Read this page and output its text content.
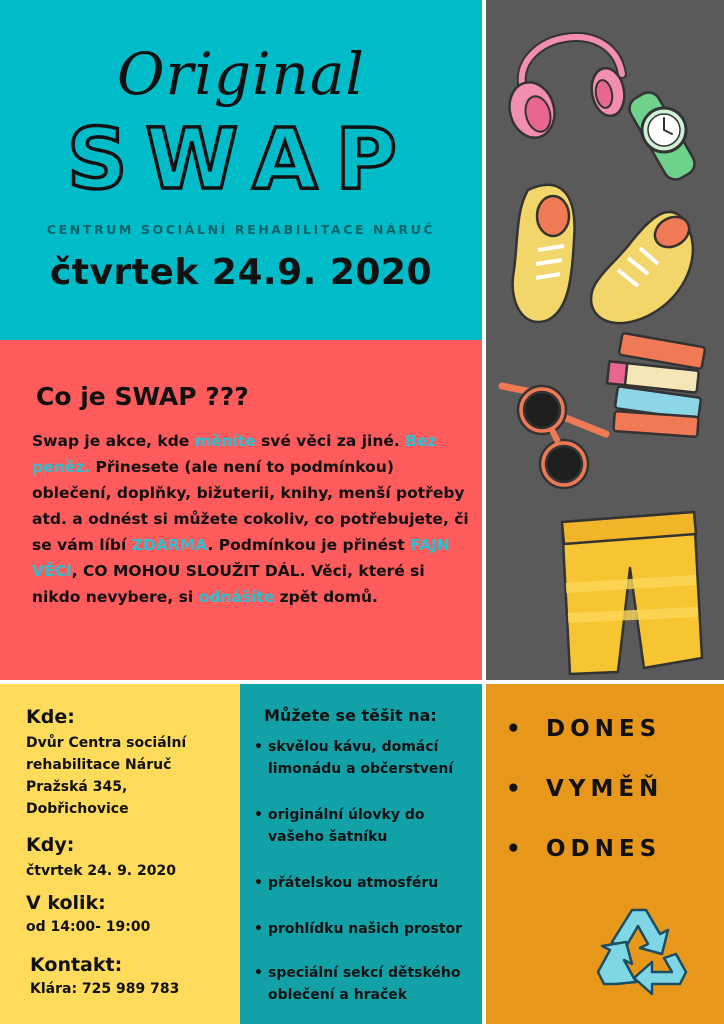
Original
SWAP
CENTRUM SOCIÁLNÍ REHABILITACE NÁRUČ
čtvrtek 24.9. 2020
Co je SWAP ???
Swap je akce, kde měníte své věci za jiné. Bez peněz. Přinesete (ale není to podmínkou) oblečení, doplňky, bižuterii, knihy, menší potřeby atd. a odnést si můžete cokoliv, co potřebujete, či se vám líbí ZDARMA. Podmínkou je přinést FAJN VĚCI, CO MOHOU SLOUŽIT DÁL. Věci, které si nikdo nevybere, si odnášíte zpět domů.
Kde:
Dvůr Centra sociální
rehabilitace Náruč
Pražská 345,
Dobřichovice
Kdy:
čtvrtek 24. 9. 2020
V kolik:
od 14:00- 19:00
Kontakt:
Klára: 725 989 783
Můžete se těšit na:
• skvělou kávu, domácí
limonádu a občerstvení
• originální úlovky do
vašeho šatníku
• přátelskou atmosféru
• prohlídku našich prostor
• speciální sekcí dětského
oblečení a hraček
• DONES
• VYMĚŇ
• ODNES
